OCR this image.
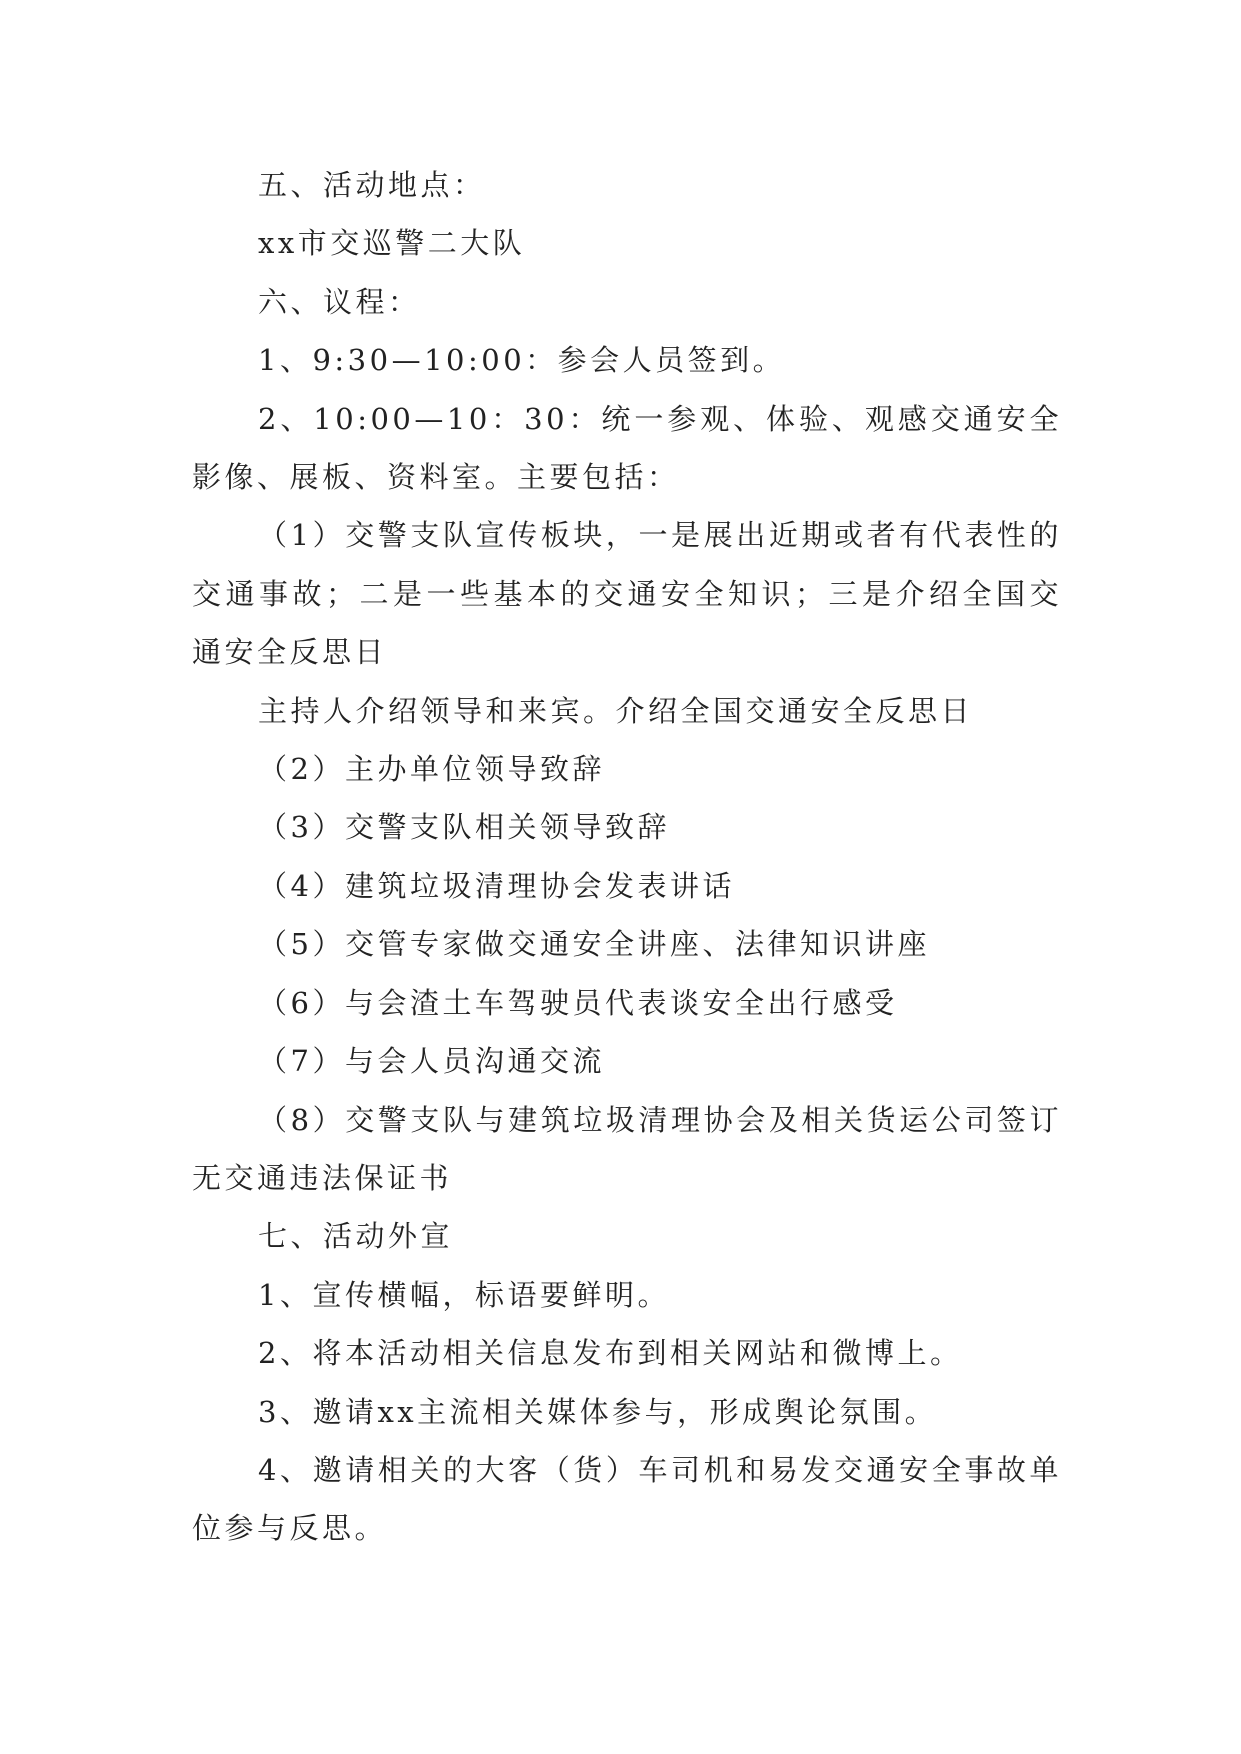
五、活动地点：

xx市交巡警二大队

六、议程：

1、9:30—10:00：参会人员签到。

2、10:00—10：30：统一参观、体验、观感交通安全影像、展板、资料室。主要包括：

（1）交警支队宣传板块，一是展出近期或者有代表性的交通事故；二是一些基本的交通安全知识；三是介绍全国交通安全反思日

主持人介绍领导和来宾。介绍全国交通安全反思日

（2）主办单位领导致辞

（3）交警支队相关领导致辞

（4）建筑垃圾清理协会发表讲话

（5）交管专家做交通安全讲座、法律知识讲座

（6）与会渣土车驾驶员代表谈安全出行感受

（7）与会人员沟通交流

（8）交警支队与建筑垃圾清理协会及相关货运公司签订无交通违法保证书

七、活动外宣

1、宣传横幅，标语要鲜明。

2、将本活动相关信息发布到相关网站和微博上。

3、邀请xx主流相关媒体参与，形成舆论氛围。

4、邀请相关的大客（货）车司机和易发交通安全事故单位参与反思。
